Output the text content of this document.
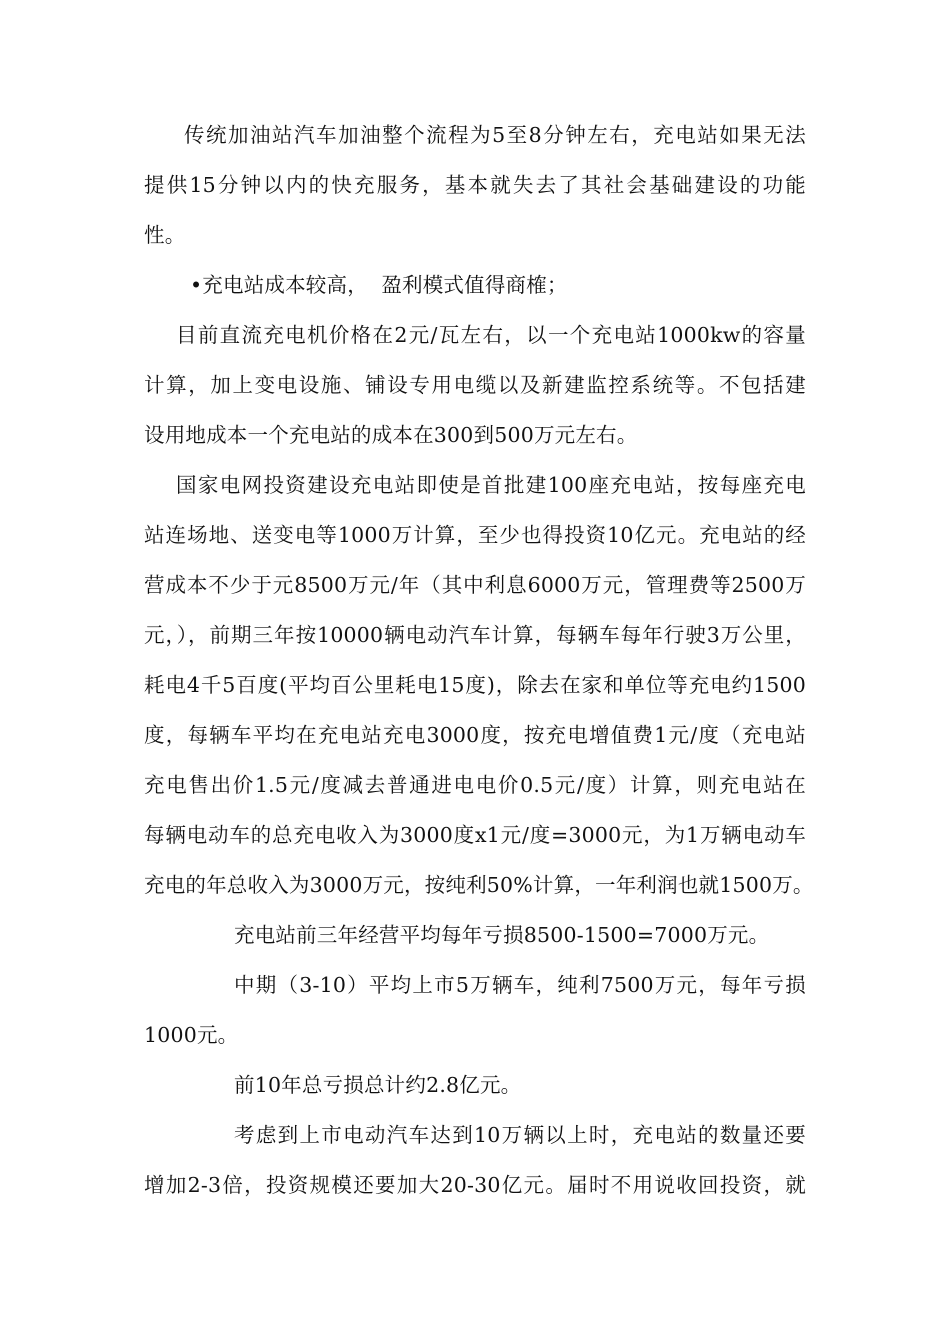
传统加油站汽车加油整个流程为5至8分钟左右，充电站如果无法
提供15分钟以内的快充服务，基本就失去了其社会基础建设的功能
性。
•充电站成本较高，  盈利模式值得商榷；
目前直流充电机价格在2元/瓦左右，以一个充电站1000kw的容量
计算，加上变电设施、铺设专用电缆以及新建监控系统等。不包括建
设用地成本一个充电站的成本在300到500万元左右。
国家电网投资建设充电站即使是首批建100座充电站，按每座充电
站连场地、送变电等1000万计算，至少也得投资10亿元。充电站的经
营成本不少于元8500万元/年（其中利息6000万元，管理费等2500万
元，），前期三年按10000辆电动汽车计算，每辆车每年行驶3万公里，
耗电4千5百度(平均百公里耗电15度)，除去在家和单位等充电约1500
度，每辆车平均在充电站充电3000度，按充电增值费1元/度（充电站
充电售出价1.5元/度减去普通进电电价0.5元/度）计算，则充电站在
每辆电动车的总充电收入为3000度x1元/度=3000元，为1万辆电动车
充电的年总收入为3000万元，按纯利50%计算，一年利润也就1500万。
充电站前三年经营平均每年亏损8500-1500=7000万元。
中期（3-10）平均上市5万辆车，纯利7500万元，每年亏损
1000元。
前10年总亏损总计约2.8亿元。
考虑到上市电动汽车达到10万辆以上时，充电站的数量还要
增加2-3倍，投资规模还要加大20-30亿元。届时不用说收回投资，就
